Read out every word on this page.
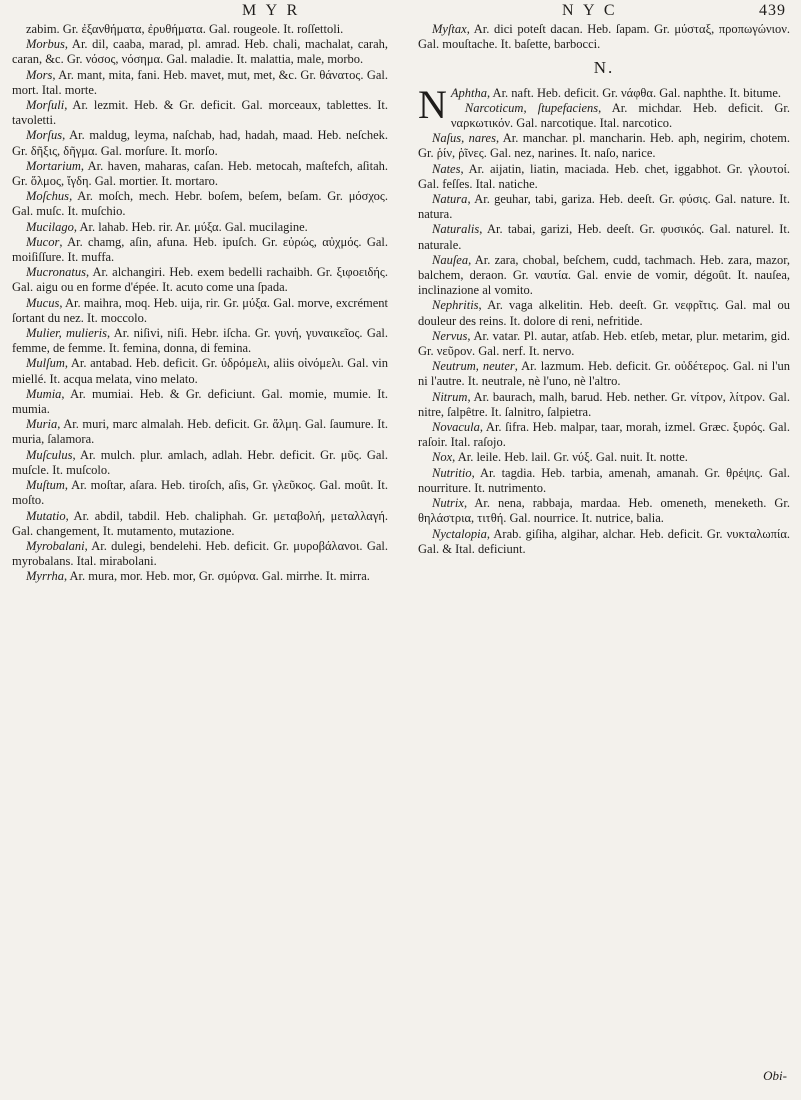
M Y R	N Y C	439

zabim. Gr. ἐξανθήματα, ἐρυθήματα. Gal. rougeole. It. roſſettoli.

Morbus, Ar. dil, caaba, marad, pl. amrad. Heb. chali, machalat, carah, caran, &c. Gr. νόσος, νόσημα. Gal. maladie. It. malattia, male, morbo.

Mors, Ar. mant, mita, fani. Heb. mavet, mut, met, &c. Gr. θάνατος. Gal. mort. Ital. morte.

Morſuli, Ar. lezmit. Heb. & Gr. deficit. Gal. morceaux, tablettes. It. tavoletti.

Morſus, Ar. maldug, leyma, naſchab, had, hadah, maad. Heb. neſchek. Gr. δῆξις, δῆγμα. Gal. morſure. It. morſo.

Mortarium, Ar. haven, maharas, caſan. Heb. metocah, maſtefch, aſitah. Gr. ὅλμος, ἴγδη. Gal. mortier. It. mortaro.

Moſchus, Ar. moſch, mech. Hebr. boſem, beſem, beſam. Gr. μόσχος. Gal. muſc. It. muſchio.

Mucilago, Ar. lahab. Heb. rir. Ar. μύξα. Gal. mucilagine.

Mucor, Ar. chamg, aſin, afuna. Heb. ipuſch. Gr. εὐρώς, αὐχμός. Gal. moiſiſſure. It. muffa.

Mucronatus, Ar. alchangiri. Heb. exem bedelli rachaibh. Gr. ξιφοειδής. Gal. aigu ou en forme d'épée. It. acuto come una ſpada.

Mucus, Ar. maihra, moq. Heb. uija, rir. Gr. μύξα. Gal. morve, excrément ſortant du nez. It. moccolo.

Mulier, mulieris, Ar. niſivi, niſi. Hebr. iſcha. Gr. γυνή, γυναικεῖος. Gal. femme, de femme. It. femina, donna, di femina.

Mulſum, Ar. antabad. Heb. deficit. Gr. ὑδρόμελι, aliis οἰνόμελι. Gal. vin miellé. It. acqua melata, vino melato.

Mumia, Ar. mumiai. Heb. & Gr. deficiunt. Gal. momie, mumie. It. mumia.

Muria, Ar. muri, marc almalah. Heb. deficit. Gr. ἅλμη. Gal. ſaumure. It. muria, ſalamora.

Muſculus, Ar. mulch. plur. amlach, adlah. Hebr. deficit. Gr. μῦς. Gal. muſcle. It. muſcolo.

Muſtum, Ar. moſtar, aſara. Heb. tiroſch, aſis, Gr. γλεῦκος. Gal. moût. It. moſto.

Mutatio, Ar. abdil, tabdil. Heb. chaliphah. Gr. μεταβολή, μεταλλαγή. Gal. changement, It. mutamento, mutazione.

Myrobalani, Ar. dulegi, bendelehi. Heb. deficit. Gr. μυροβάλανοι. Gal. myrobalans. Ital. mirabolani.

Myrrha, Ar. mura, mor. Heb. mor, Gr. σμύρνα. Gal. mirrhe. It. mirra.

Myſtax, Ar. dici poteſt dacan. Heb. ſapam. Gr. μύσταξ, προπωγώνιον. Gal. mouſtache. It. baſette, barbocci.

N.

N Aphtha, Ar. naft. Heb. deficit. Gr. νάφθα. Gal. naphthe. It. bitume.

Narcoticum, ſtupefaciens, Ar. michdar. Heb. deficit. Gr. ναρκωτικόν. Gal. narcotique. Ital. narcotico.

Naſus, nares, Ar. manchar. pl. mancharin. Heb. aph, negirim, chotem. Gr. ῥίν, ῥῖνες. Gal. nez, narines. It. naſo, narice.

Nates, Ar. aijatin, liatin, maciada. Heb. chet, iggabhot. Gr. γλουτοί. Gal. feſſes. Ital. natiche.

Natura, Ar. geuhar, tabi, gariza. Heb. deeſt. Gr. φύσις. Gal. nature. It. natura.

Naturalis, Ar. tabai, garizi, Heb. deeſt. Gr. φυσικός. Gal. naturel. It. naturale.

Nauſea, Ar. zara, chobal, beſchem, cudd, tachmach. Heb. zara, mazor, balchem, deraon. Gr. ναυτία. Gal. envie de vomir, dégoût. It. nauſea, inclinazione al vomito.

Nephritis, Ar. vaga alkelitin. Heb. deeſt. Gr. νεφρῖτις. Gal. mal ou douleur des reins. It. dolore di reni, nefritide.

Nervus, Ar. vatar. Pl. autar, atſab. Heb. etſeb, metar, plur. metarim, gid. Gr. νεῦρον. Gal. nerf. It. nervo.

Neutrum, neuter, Ar. lazmum. Heb. deficit. Gr. οὐδέτερος. Gal. ni l'un ni l'autre. It. neutrale, nè l'uno, nè l'altro.

Nitrum, Ar. baurach, malh, barud. Heb. nether. Gr. νίτρον, λίτρον. Gal. nitre, ſalpêtre. It. ſalnitro, ſalpietra.

Novacula, Ar. ſifra. Heb. malpar, taar, morah, izmel. Græc. ξυρός. Gal. raſoir. Ital. raſojo.

Nox, Ar. leile. Heb. lail. Gr. νύξ. Gal. nuit. It. notte.

Nutritio, Ar. tagdia. Heb. tarbia, amenah, amanah. Gr. θρέψις. Gal. nourriture. It. nutrimento.

Nutrix, Ar. nena, rabbaja, mardaa. Heb. omeneth, meneketh. Gr. θηλάστρια, τιτθή. Gal. nourrice. It. nutrice, balia.

Nyctalopia, Arab. giſiha, algihar, alchar. Heb. deficit. Gr. νυκταλωπία. Gal. & Ital. deficiunt.

Obi-
